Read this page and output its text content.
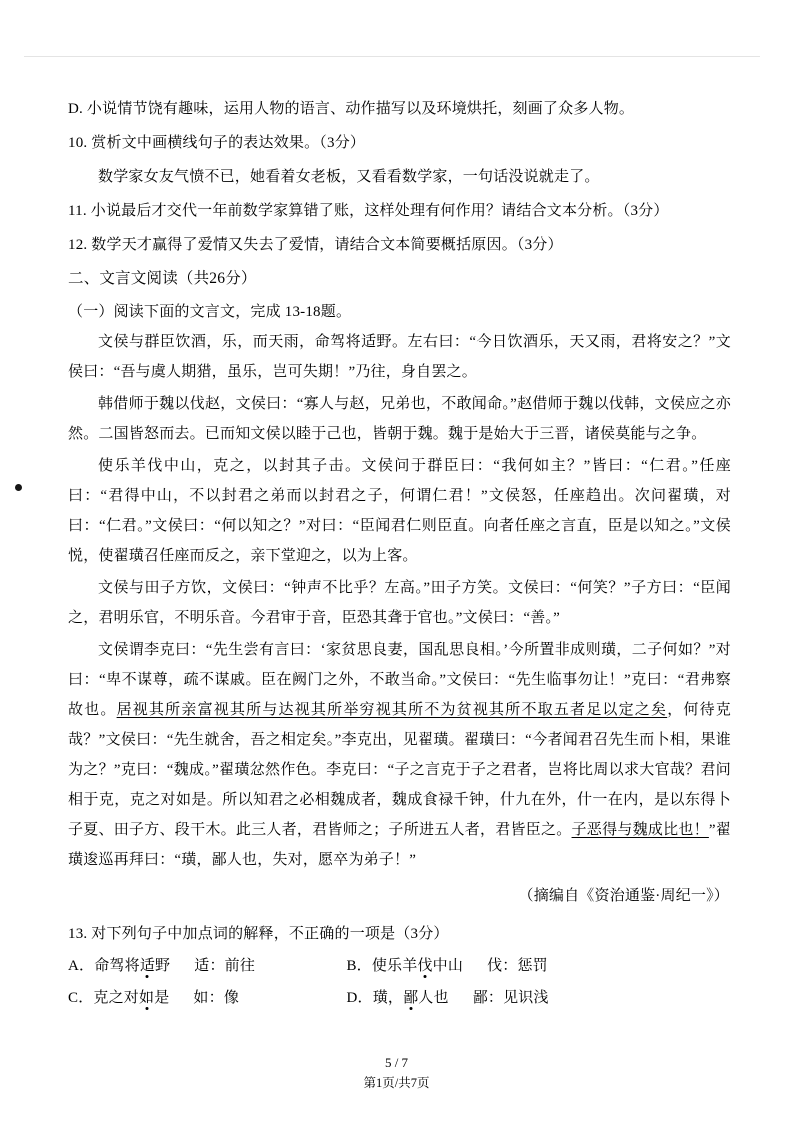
D. 小说情节饶有趣味，运用人物的语言、动作描写以及环境烘托，刻画了众多人物。

10. 赏析文中画横线句子的表达效果。（3分）

数学家女友气愤不已，她看着女老板，又看看数学家，一句话没说就走了。

11. 小说最后才交代一年前数学家算错了账，这样处理有何作用？请结合文本分析。（3分）

12. 数学天才赢得了爱情又失去了爱情，请结合文本简要概括原因。（3分）

二、文言文阅读（共26分）

（一）阅读下面的文言文，完成 13-18题。

文侯与群臣饮酒，乐，而天雨，命驾将适野。左右曰：“今日饮酒乐，天又雨，君将安之？”文侯曰：“吾与虞人期猎，虽乐，岂可失期！”乃往，身自罢之。

韩借师于魏以伐赵，文侯曰：“寡人与赵，兄弟也，不敢闻命。”赵借师于魏以伐韩，文侯应之亦然。二国皆怒而去。已而知文侯以睦于己也，皆朝于魏。魏于是始大于三晋，诸侯莫能与之争。

使乐羊伐中山，克之，以封其子击。文侯问于群臣曰：“我何如主？”皆曰：“仁君。”任座曰：“君得中山，不以封君之弟而以封君之子，何谓仁君！”文侯怒，任座趋出。次问翟璜，对曰：“仁君。”文侯曰：“何以知之？”对曰：“臣闻君仁则臣直。向者任座之言直，臣是以知之。”文侯悦，使翟璜召任座而反之，亲下堂迎之，以为上客。

文侯与田子方饮，文侯曰：“钟声不比乎？左高。”田子方笑。文侯曰：“何笑？”子方曰：“臣闻之，君明乐官，不明乐音。今君审于音，臣恐其聋于官也。”文侯曰：“善。”

文侯谓李克曰：“先生尝有言曰：‘家贫思良妻，国乱思良相。’今所置非成则璜，二子何如？”对曰：“卑不谋尊，疏不谋戚。臣在阙门之外，不敢当命。”文侯曰：“先生临事勿让！”克曰：“君弗察故也。居视其所亲富视其所与达视其所举穷视其所不为贫视其所不取五者足以定之矣，何待克哉？”文侯曰：“先生就舍，吾之相定矣。”李克出，见翟璜。翟璜曰：“今者闻君召先生而卜相，果谁为之？”克曰：“魏成。”翟璜忿然作色。李克曰：“子之言克于子之君者，岂将比周以求大官哉？君问相于克，克之对如是。所以知君之必相魏成者，魏成食禄千钟，什九在外，什一在内，是以东得卜子夏、田子方、段干木。此三人者，君皆师之；子所进五人者，君皆臣之。子恶得与魏成比也！”翟璜逡巡再拜曰：“璜，鄙人也，失对，愿卒为弟子！”

（摘编自《资治通鉴·周纪一》）

13. 对下列句子中加点词的解释，不正确的一项是（3分）

A．命驾将适野 适：前往	B．使乐羊伐中山 伐：惩罚
C．克之对如是 如：像	D．璜，鄙人也 鄙：见识浅
5 / 7
第1页/共7页
